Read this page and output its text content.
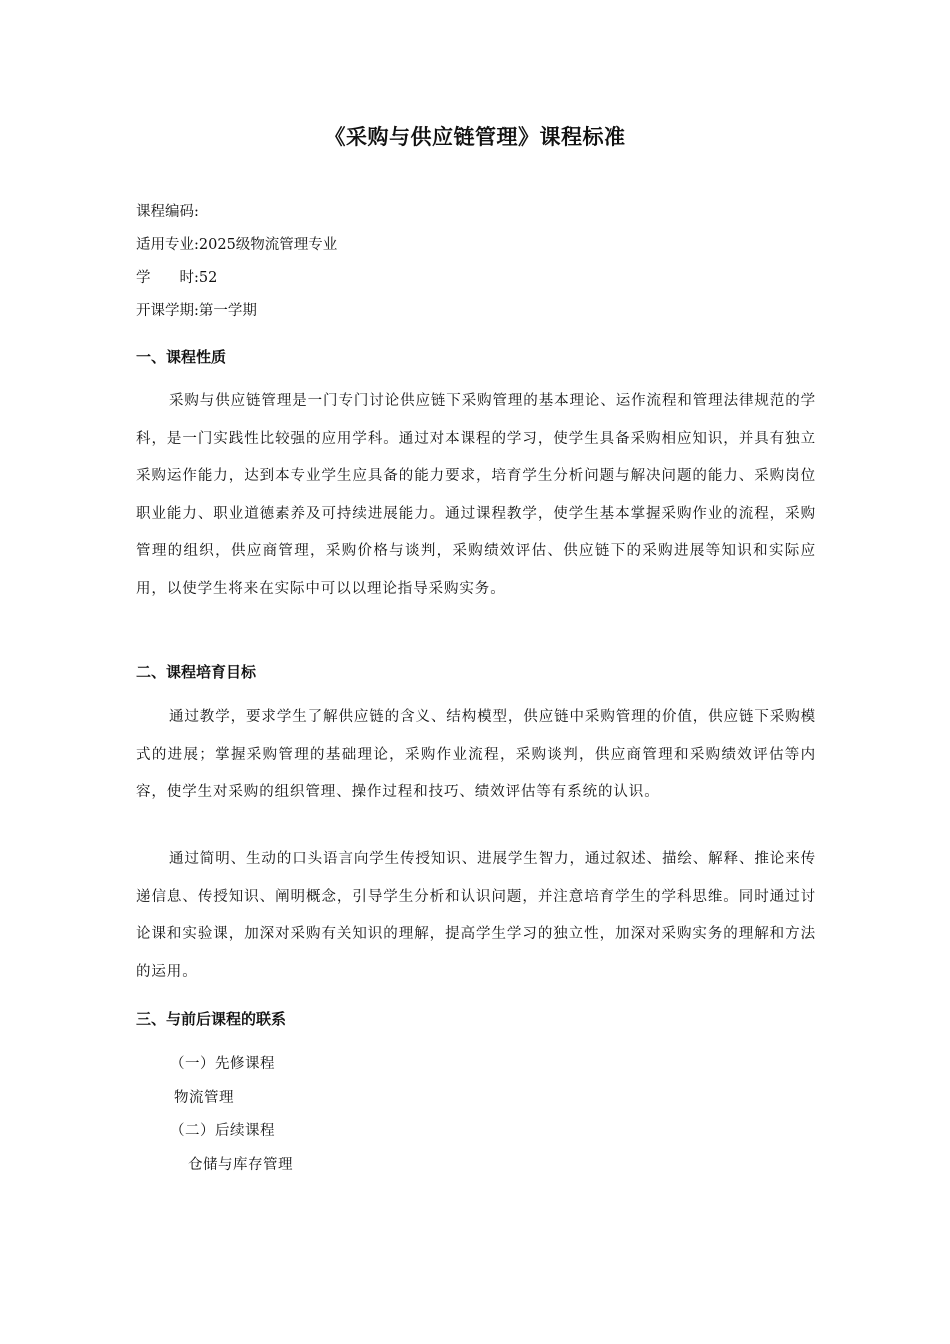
《采购与供应链管理》课程标准
课程编码:
适用专业:2025级物流管理专业
学　　时:52
开课学期:第一学期
一、课程性质
采购与供应链管理是一门专门讨论供应链下采购管理的基本理论、运作流程和管理法律规范的学科，是一门实践性比较强的应用学科。通过对本课程的学习，使学生具备采购相应知识，并具有独立采购运作能力，达到本专业学生应具备的能力要求，培育学生分析问题与解决问题的能力、采购岗位职业能力、职业道德素养及可持续进展能力。通过课程教学，使学生基本掌握采购作业的流程，采购管理的组织，供应商管理，采购价格与谈判，采购绩效评估、供应链下的采购进展等知识和实际应用，以使学生将来在实际中可以以理论指导采购实务。
二、课程培育目标
通过教学，要求学生了解供应链的含义、结构模型，供应链中采购管理的价值，供应链下采购模式的进展；掌握采购管理的基础理论，采购作业流程，采购谈判，供应商管理和采购绩效评估等内容，使学生对采购的组织管理、操作过程和技巧、绩效评估等有系统的认识。
通过简明、生动的口头语言向学生传授知识、进展学生智力，通过叙述、描绘、解释、推论来传递信息、传授知识、阐明概念，引导学生分析和认识问题，并注意培育学生的学科思维。同时通过讨论课和实验课，加深对采购有关知识的理解，提高学生学习的独立性，加深对采购实务的理解和方法的运用。
三、与前后课程的联系
（一）先修课程
物流管理
（二）后续课程
仓储与库存管理
